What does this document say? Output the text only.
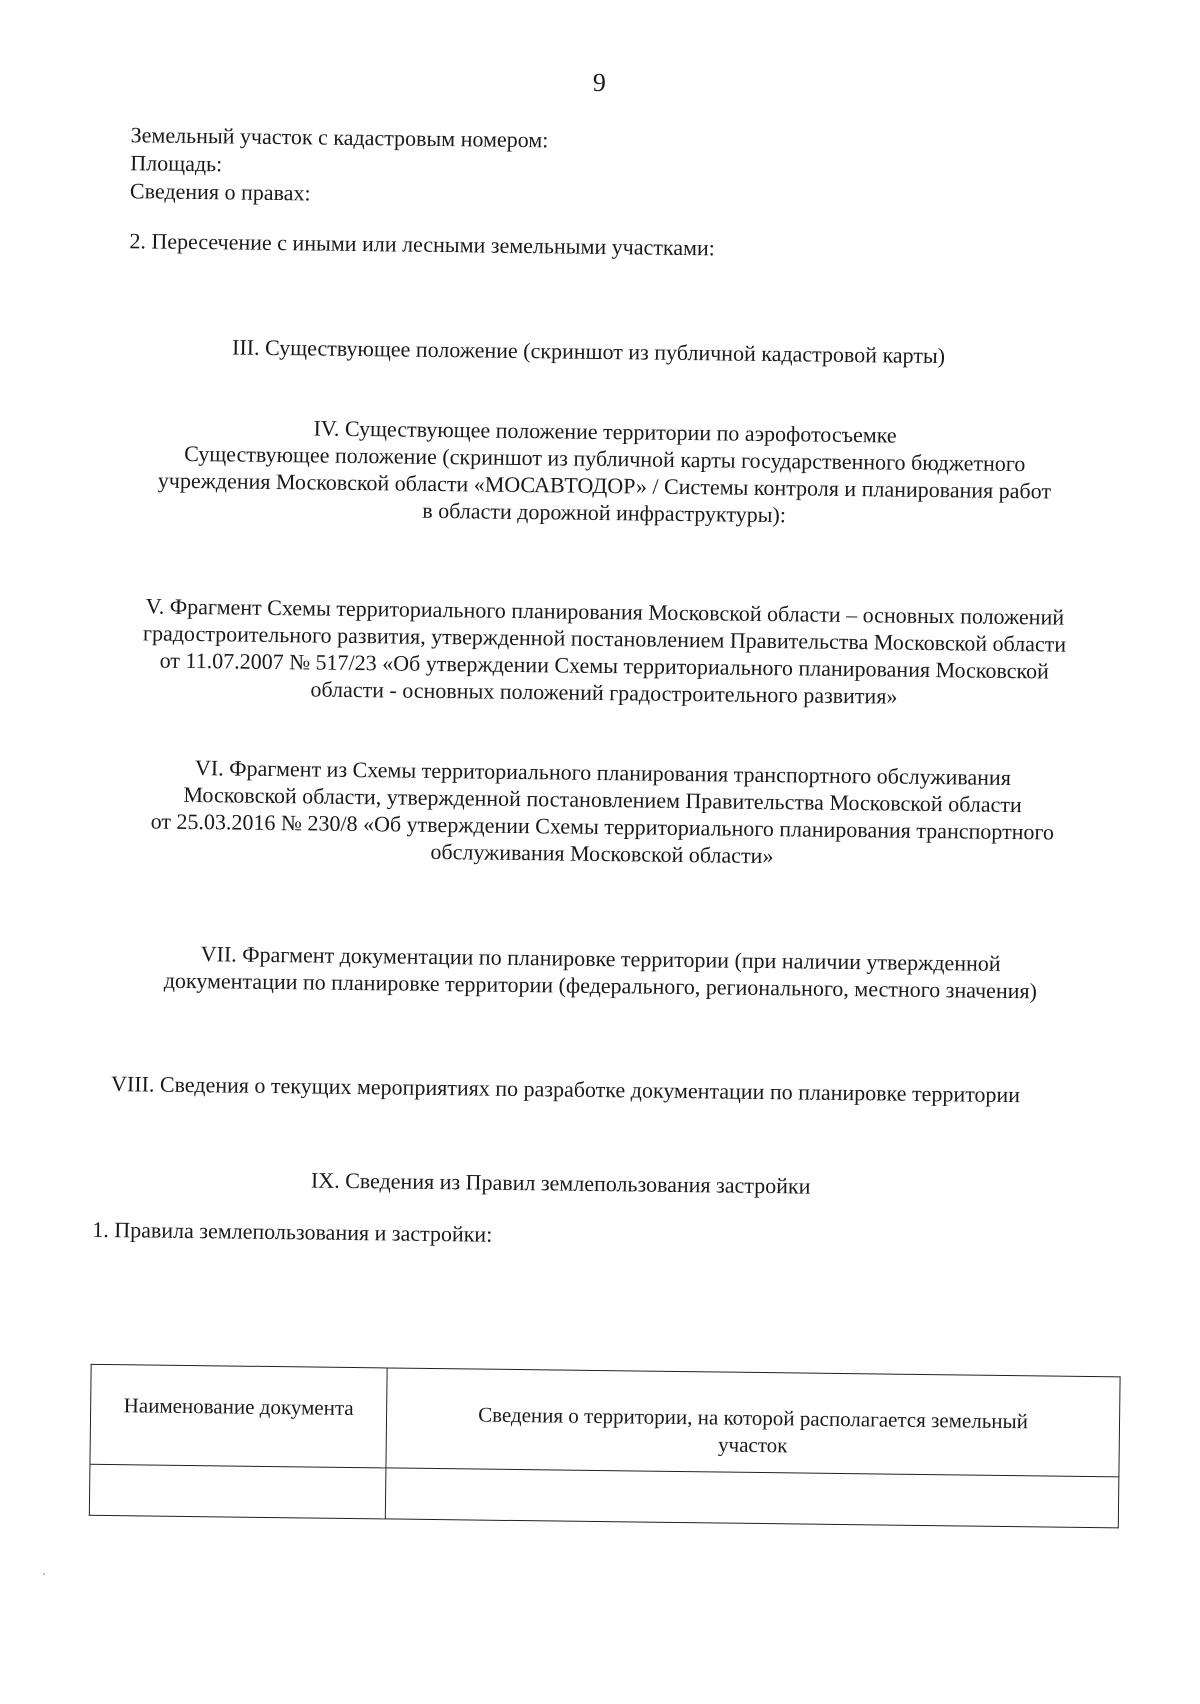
9
Земельный участок с кадастровым номером:
Площадь:
Сведения о правах:
2. Пересечение с иными или лесными земельными участками:
III. Существующее положение (скриншот из публичной кадастровой карты)
IV. Существующее положение территории по аэрофотосъемке
Существующее положение (скриншот из публичной карты государственного бюджетного
учреждения Московской области «МОСАВТОДОР» / Системы контроля и планирования работ
в области дорожной инфраструктуры):
V. Фрагмент Схемы территориального планирования Московской области – основных положений
градостроительного развития, утвержденной постановлением Правительства Московской области
от 11.07.2007 № 517/23 «Об утверждении Схемы территориального планирования Московской
области - основных положений градостроительного развития»
VI. Фрагмент из Схемы территориального планирования транспортного обслуживания
Московской области, утвержденной постановлением Правительства Московской области
от 25.03.2016 № 230/8 «Об утверждении Схемы территориального планирования транспортного
обслуживания Московской области»
VII. Фрагмент документации по планировке территории (при наличии утвержденной
документации по планировке территории (федерального, регионального, местного значения)
VIII. Сведения о текущих мероприятиях по разработке документации по планировке территории
IX. Сведения из Правил землепользования застройки
1. Правила землепользования и застройки:
Наименование документа	Сведения о территории, на которой располагается земельный
участок
